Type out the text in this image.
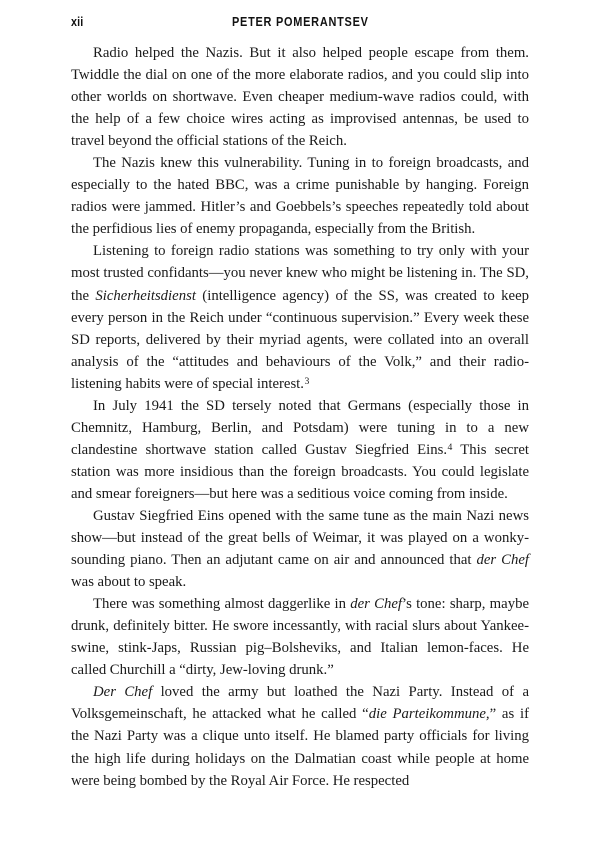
xii	PETER POMERANTSEV

Radio helped the Nazis. But it also helped people escape from them. Twiddle the dial on one of the more elaborate radios, and you could slip into other worlds on shortwave. Even cheaper medium-wave radios could, with the help of a few choice wires acting as improvised antennas, be used to travel beyond the official stations of the Reich.

The Nazis knew this vulnerability. Tuning in to foreign broadcasts, and especially to the hated BBC, was a crime punishable by hanging. Foreign radios were jammed. Hitler’s and Goebbels’s speeches repeatedly told about the perfidious lies of enemy propaganda, especially from the British.

Listening to foreign radio stations was something to try only with your most trusted confidants—you never knew who might be listening in. The SD, the Sicherheitsdienst (intelligence agency) of the SS, was created to keep every person in the Reich under “continuous supervision.” Every week these SD reports, delivered by their myriad agents, were collated into an overall analysis of the “attitudes and behaviours of the Volk,” and their radio-listening habits were of special interest.$^3$

In July 1941 the SD tersely noted that Germans (especially those in Chemnitz, Hamburg, Berlin, and Potsdam) were tuning in to a new clandestine shortwave station called Gustav Siegfried Eins.$^4$ This secret station was more insidious than the foreign broadcasts. You could legislate and smear foreigners—but here was a seditious voice coming from inside.

Gustav Siegfried Eins opened with the same tune as the main Nazi news show—but instead of the great bells of Weimar, it was played on a wonky-sounding piano. Then an adjutant came on air and announced that der Chef was about to speak.

There was something almost daggerlike in der Chef’s tone: sharp, maybe drunk, definitely bitter. He swore incessantly, with racial slurs about Yankee-swine, stink-Japs, Russian pig–Bolsheviks, and Italian lemon-faces. He called Churchill a “dirty, Jew-loving drunk.”

Der Chef loved the army but loathed the Nazi Party. Instead of a Volksgemeinschaft, he attacked what he called “die Parteikommune,” as if the Nazi Party was a clique unto itself. He blamed party officials for living the high life during holidays on the Dalmatian coast while people at home were being bombed by the Royal Air Force. He respected
